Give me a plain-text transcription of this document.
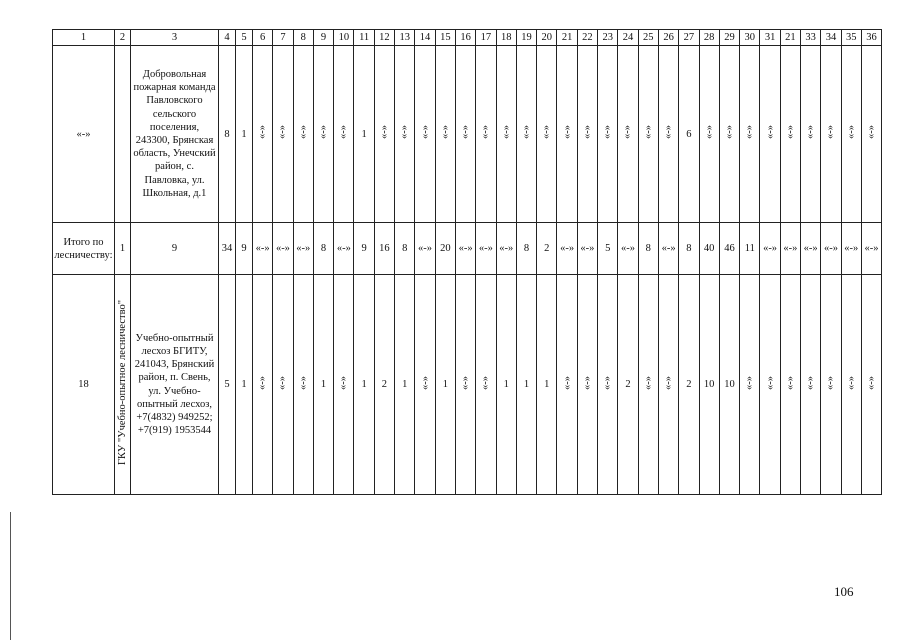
1	2	3	4	5	6	7	8	9	10	11	12	13	14	15	16	17	18	19	20	21	22	23	24	25	26	27	28	29	30	31	21	33	34	35	36
«-»		Добровольная пожарная команда Павловского сельского поселения, 243300, Брянская область, Унечский район, с. Павловка, ул. Школьная, д.1	8	1	«-»	«-»	«-»	«-»	«-»	1	«-»	«-»	«-»	«-»	«-»	«-»	«-»	«-»	«-»	«-»	«-»	«-»	«-»	«-»	«-»	6	«-»	«-»	«-»	«-»	«-»	«-»	«-»	«-»	«-»
Итого по лесничеству:	1	9	34	9	«-»	«-»	«-»	8	«-»	9	16	8	«-»	20	«-»	«-»	«-»	8	2	«-»	«-»	5	«-»	8	«-»	8	40	46	11	«-»	«-»	«-»	«-»	«-»	«-»
18	ГКУ "Учебно-опытное лесничество"	Учебно-опытный лесхоз БГИТУ, 241043, Брянский район, п. Свень, ул. Учебно-опытный лесхоз, +7(4832) 949252; +7(919) 1953544	5	1	«-»	«-»	«-»	1	«-»	1	2	1	«-»	1	«-»	«-»	1	1	1	«-»	«-»	«-»	2	«-»	«-»	2	10	10	«-»	«-»	«-»	«-»	«-»	«-»	«-»
106
